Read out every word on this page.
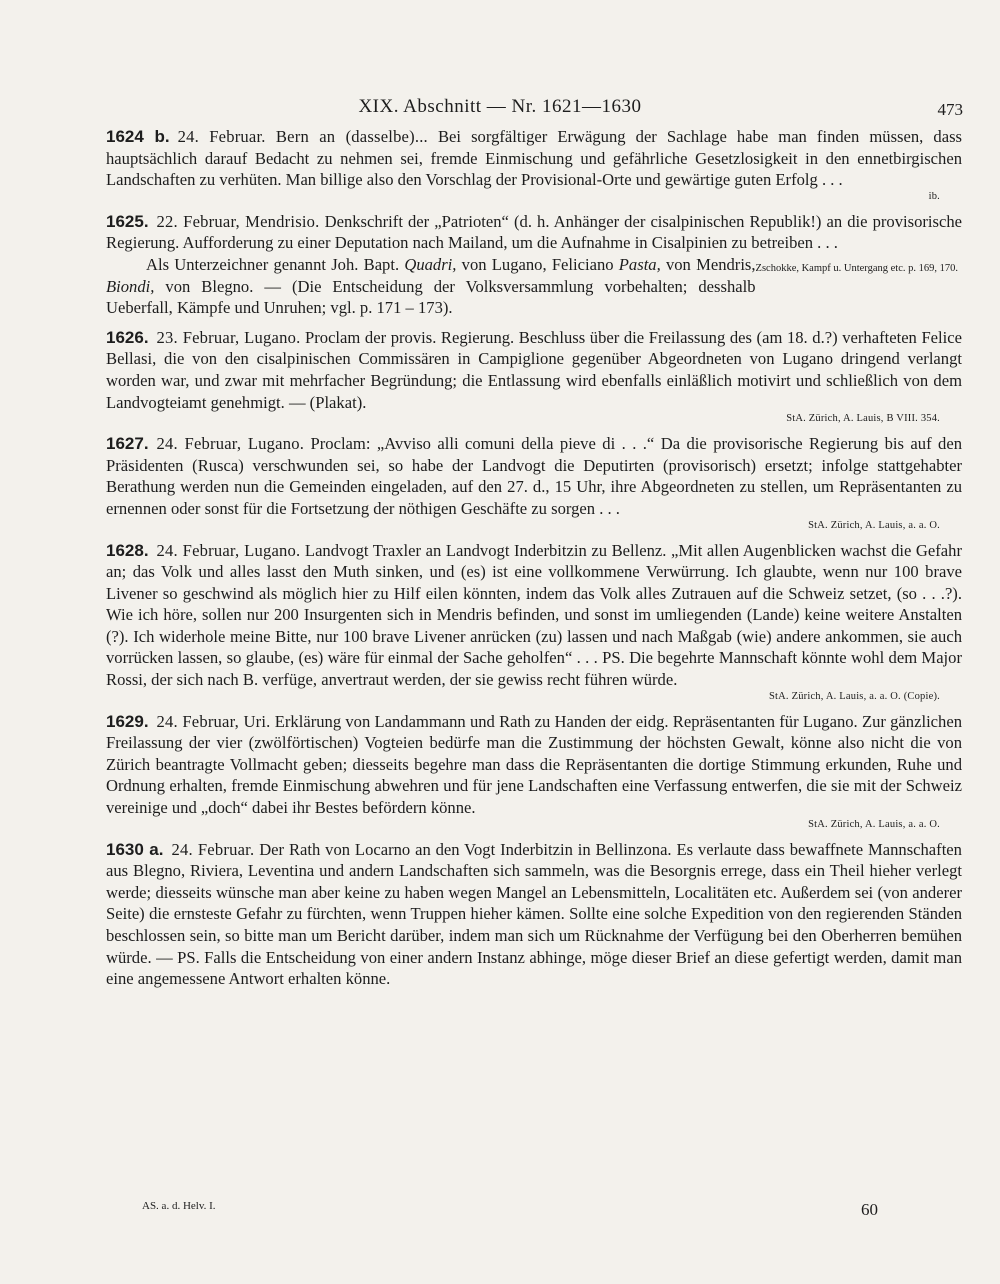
XIX. Abschnitt — Nr. 1621—1630	473

1624 b. 24. Februar. Bern an (dasselbe)... Bei sorgfältiger Erwägung der Sachlage habe man finden müssen, dass hauptsächlich darauf Bedacht zu nehmen sei, fremde Einmischung und gefährliche Gesetzlosigkeit in den ennetbirgischen Landschaften zu verhüten. Man billige also den Vorschlag der Provisional-Orte und gewärtige guten Erfolg . . .

ib.

1625. 22. Februar, Mendrisio. Denkschrift der „Patrioten“ (d. h. Anhänger der cisalpinischen Republik!) an die provisorische Regierung. Aufforderung zu einer Deputation nach Mailand, um die Aufnahme in Cisalpinien zu betreiben . . .
Zschokke, Kampf u. Untergang etc. p. 169, 170.

Als Unterzeichner genannt Joh. Bapt. Quadri, von Lugano, Feliciano Pasta, von Mendris, Biondi, von Blegno. — (Die Entscheidung der Volksversammlung vorbehalten; desshalb Ueberfall, Kämpfe und Unruhen; vgl. p. 171 – 173).

1626. 23. Februar, Lugano. Proclam der provis. Regierung. Beschluss über die Freilassung des (am 18. d.?) verhafteten Felice Bellasi, die von den cisalpinischen Commissären in Campiglione gegenüber Abgeordneten von Lugano dringend verlangt worden war, und zwar mit mehrfacher Begründung; die Entlassung wird ebenfalls einläßlich motivirt und schließlich von dem Landvogteiamt genehmigt. — (Plakat).

StA. Zürich, A. Lauis, B VIII. 354.

1627. 24. Februar, Lugano. Proclam: „Avviso alli comuni della pieve di . . .“ Da die provisorische Regierung bis auf den Präsidenten (Rusca) verschwunden sei, so habe der Landvogt die Deputirten (provisorisch) ersetzt; infolge stattgehabter Berathung werden nun die Gemeinden eingeladen, auf den 27. d., 15 Uhr, ihre Abgeordneten zu stellen, um Repräsentanten zu ernennen oder sonst für die Fortsetzung der nöthigen Geschäfte zu sorgen . . .

StA. Zürich, A. Lauis, a. a. O.

1628. 24. Februar, Lugano. Landvogt Traxler an Landvogt Inderbitzin zu Bellenz. „Mit allen Augenblicken wachst die Gefahr an; das Volk und alles lasst den Muth sinken, und (es) ist eine vollkommene Verwürrung. Ich glaubte, wenn nur 100 brave Livener so geschwind als möglich hier zu Hilf eilen könnten, indem das Volk alles Zutrauen auf die Schweiz setzet, (so . . .?). Wie ich höre, sollen nur 200 Insurgenten sich in Mendris befinden, und sonst im umliegenden (Lande) keine weitere Anstalten (?). Ich widerhole meine Bitte, nur 100 brave Livener anrücken (zu) lassen und nach Maßgab (wie) andere ankommen, sie auch vorrücken lassen, so glaube, (es) wäre für einmal der Sache geholfen“ . . . PS. Die begehrte Mannschaft könnte wohl dem Major Rossi, der sich nach B. verfüge, anvertraut werden, der sie gewiss recht führen würde.

StA. Zürich, A. Lauis, a. a. O. (Copie).

1629. 24. Februar, Uri. Erklärung von Landammann und Rath zu Handen der eidg. Repräsentanten für Lugano. Zur gänzlichen Freilassung der vier (zwölförtischen) Vogteien bedürfe man die Zustimmung der höchsten Gewalt, könne also nicht die von Zürich beantragte Vollmacht geben; diesseits begehre man dass die Repräsentanten die dortige Stimmung erkunden, Ruhe und Ordnung erhalten, fremde Einmischung abwehren und für jene Landschaften eine Verfassung entwerfen, die sie mit der Schweiz vereinige und „doch“ dabei ihr Bestes befördern könne.

StA. Zürich, A. Lauis, a. a. O.

1630 a. 24. Februar. Der Rath von Locarno an den Vogt Inderbitzin in Bellinzona. Es verlaute dass bewaffnete Mannschaften aus Blegno, Riviera, Leventina und andern Landschaften sich sammeln, was die Besorgnis errege, dass ein Theil hieher verlegt werde; diesseits wünsche man aber keine zu haben wegen Mangel an Lebensmitteln, Localitäten etc. Außerdem sei (von anderer Seite) die ernsteste Gefahr zu fürchten, wenn Truppen hieher kämen. Sollte eine solche Expedition von den regierenden Ständen beschlossen sein, so bitte man um Bericht darüber, indem man sich um Rücknahme der Verfügung bei den Oberherren bemühen würde. — PS. Falls die Entscheidung von einer andern Instanz abhinge, möge dieser Brief an diese gefertigt werden, damit man eine angemessene Antwort erhalten könne.

AS. a. d. Helv. I.	60
